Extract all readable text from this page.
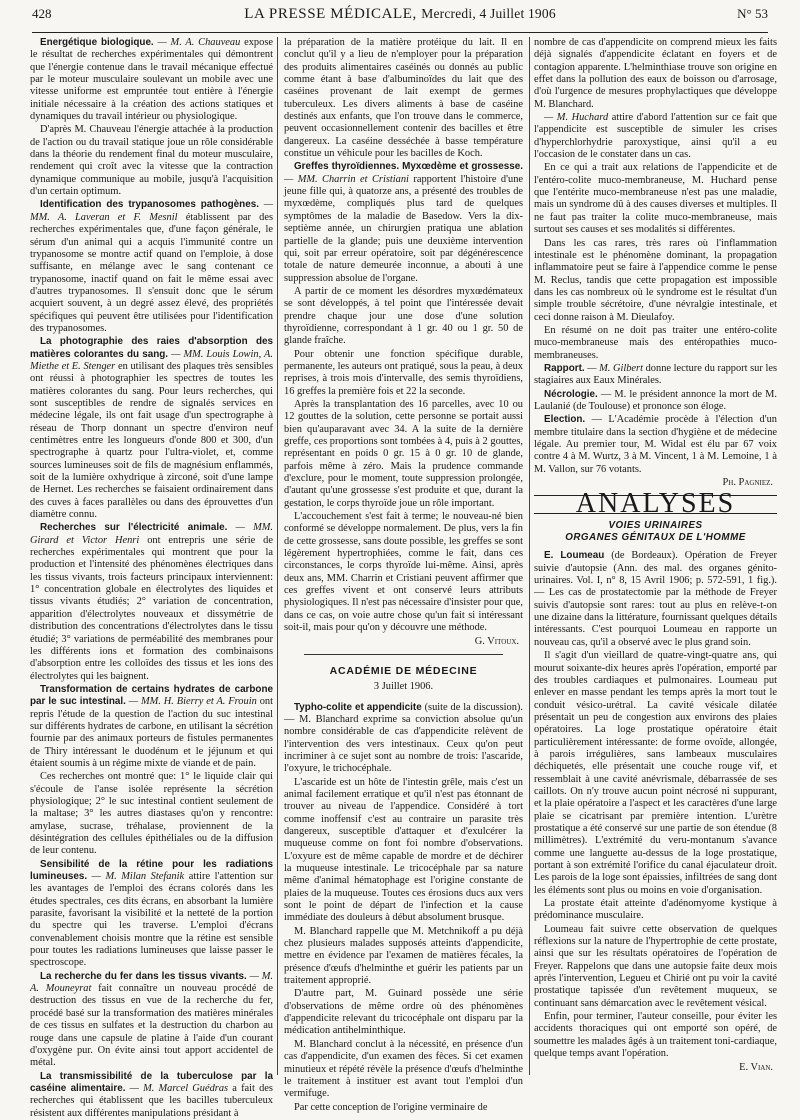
428	LA PRESSE MÉDICALE, Mercredi, 4 Juillet 1906	N° 53

Energétique biologique. — M. A. Chauveau expose le résultat de recherches expérimentales qui démontrent que l'énergie contenue dans le travail mécanique effectué par le moteur musculaire soulevant un mobile avec une vitesse uniforme est empruntée tout entière à l'énergie initiale nécessaire à la création des actions statiques et dynamiques du travail intérieur ou physiologique.

D'après M. Chauveau l'énergie attachée à la production de l'action ou du travail statique joue un rôle considérable dans la théorie du rendement final du moteur musculaire, rendement qui croît avec la vitesse que la contraction dynamique communique au mobile, jusqu'à l'acquisition d'un certain optimum.

Identification des trypanosomes pathogènes. — MM. A. Laveran et F. Mesnil établissent par des recherches expérimentales que, d'une façon générale, le sérum d'un animal qui a acquis l'immunité contre un trypanosome se montre actif quand on l'emploie, à dose suffisante, en mélange avec le sang contenant ce trypanosome, inactif quand on fait le même essai avec d'autres trypanosomes. Il s'ensuit donc que le sérum acquiert souvent, à un degré assez élevé, des propriétés spécifiques qui peuvent être utilisées pour l'identification des trypanosomes.

La photographie des raies d'absorption des matières colorantes du sang. — MM. Louis Lowin, A. Miethe et E. Stenger en utilisant des plaques très sensibles ont réussi à photographier les spectres de toutes les matières colorantes du sang. Pour leurs recherches, qui sont susceptibles de rendre de signalés services en médecine légale, ils ont fait usage d'un spectrographe à réseau de Thorp donnant un spectre d'environ neuf centimètres entre les longueurs d'onde 800 et 300, d'un spectrographe à quartz pour l'ultra-violet, et, comme sources lumineuses soit de fils de magnésium enflammés, soit de la lumière oxhydrique à zirconé, soit d'une lampe de Hernet. Les recherches se faisaient ordinairement dans des cuves à faces parallèles ou dans des éprouvettes d'un diamètre connu.

Recherches sur l'électricité animale. — MM. Girard et Victor Henri ont entrepris une série de recherches expérimentales qui montrent que pour la production et l'intensité des phénomènes électriques dans les tissus vivants, trois facteurs principaux interviennent: 1° concentration globale en électrolytes des liquides et tissus vivants étudiés; 2° variation de concentration, apparition d'électrolytes nouveaux et dissymétrie de distribution des concentrations d'électrolytes dans le tissu étudié; 3° variations de perméabilité des membranes pour les différents ions et formation des combinaisons d'absorption entre les colloïdes des tissus et les ions des électrolytes qui les baignent.

Transformation de certains hydrates de carbone par le suc intestinal. — MM. H. Bierry et A. Frouin ont repris l'étude de la question de l'action du suc intestinal sur différents hydrates de carbone, en utilisant la sécrétion fournie par des animaux porteurs de fistules permanentes de Thiry intéressant le duodénum et le jéjunum et qui étaient soumis à un régime mixte de viande et de pain.

Ces recherches ont montré que: 1° le liquide clair qui s'écoule de l'anse isolée représente la sécrétion physiologique; 2° le suc intestinal contient seulement de la maltase; 3° les autres diastases qu'on y rencontre: amylase, sucrase, tréhalase, proviennent de la désintégration des cellules épithéliales ou de la diffusion de leur contenu.

Sensibilité de la rétine pour les radiations lumineuses. — M. Milan Stefanik attire l'attention sur les avantages de l'emploi des écrans colorés dans les études spectrales, ces dits écrans, en absorbant la lumière parasite, favorisant la visibilité et la netteté de la portion du spectre qui les traverse. L'emploi d'écrans convenablement choisis montre que la rétine est sensible pour toutes les radiations lumineuses que laisse passer le spectroscope.

La recherche du fer dans les tissus vivants. — M. A. Mouneyrat fait connaître un nouveau procédé de destruction des tissus en vue de la recherche du fer, procédé basé sur la transformation des matières minérales de ces tissus en sulfates et la destruction du charbon au rouge dans une capsule de platine à l'aide d'un courant d'oxygène pur. On évite ainsi tout apport accidentel de métal.

La transmissibilité de la tuberculose par la caséine alimentaire. — M. Marcel Guédras a fait des recherches qui établissent que les bacilles tuberculeux résistent aux différentes manipulations présidant à

la préparation de la matière protéique du lait. Il en conclut qu'il y a lieu de n'employer pour la préparation des produits alimentaires caséinés ou donnés au public comme étant à base d'albuminoïdes du lait que des caséines provenant de lait exempt de germes tuberculeux. Les divers aliments à base de caséine destinés aux enfants, que l'on trouve dans le commerce, peuvent occasionnellement contenir des bacilles et être dangereux. La caséine desséchée à basse température constitue un véhicule pour les bacilles de Koch.

Greffes thyroïdiennes. Myxœdème et grossesse. — MM. Charrin et Cristiani rapportent l'histoire d'une jeune fille qui, à quatorze ans, a présenté des troubles de myxœdème, compliqués plus tard de quelques symptômes de la maladie de Basedow. Vers la dix-septième année, un chirurgien pratiqua une ablation partielle de la glande; puis une deuxième intervention qui, soit par erreur opératoire, soit par dégénérescence totale de nature demeurée inconnue, a abouti à une suppression absolue de l'organe.

A partir de ce moment les désordres myxœdémateux se sont développés, à tel point que l'intéressée devait prendre chaque jour une dose d'une solution thyroïdienne, correspondant à 1 gr. 40 ou 1 gr. 50 de glande fraîche.

Pour obtenir une fonction spécifique durable, permanente, les auteurs ont pratiqué, sous la peau, à deux reprises, à trois mois d'intervalle, des semis thyroïdiens, 16 greffes la première fois et 22 la seconde.

Après la transplantation des 16 parcelles, avec 10 ou 12 gouttes de la solution, cette personne se portait aussi bien qu'auparavant avec 34. A la suite de la dernière greffe, ces proportions sont tombées à 4, puis à 2 gouttes, représentant en poids 0 gr. 15 à 0 gr. 10 de glande, parfois même à zéro. Mais la prudence commande d'exclure, pour le moment, toute suppression prolongée, d'autant qu'une grossesse s'est produite et que, durant la gestation, le corps thyroïde joue un rôle important.

L'accouchement s'est fait à terme; le nouveau-né bien conformé se développe normalement. De plus, vers la fin de cette grossesse, sans doute possible, les greffes se sont légèrement hypertrophiées, comme le fait, dans ces circonstances, le corps thyroïde lui-même. Ainsi, après deux ans, MM. Charrin et Cristiani peuvent affirmer que ces greffes vivent et ont conservé leurs attributs physiologiques. Il n'est pas nécessaire d'insister pour que, dans ce cas, on voie autre chose qu'un fait si intéressant soit-il, mais pour qu'on y découvre une méthode.

G. Vitoux.
ACADÉMIE DE MÉDECINE
3 Juillet 1906.

Typho-colite et appendicite (suite de la discussion). — M. Blanchard exprime sa conviction absolue qu'un nombre considérable de cas d'appendicite relèvent de l'intervention des vers intestinaux. Ceux qu'on peut incriminer à ce sujet sont au nombre de trois: l'ascaride, l'oxyure, le trichocéphale.

L'ascaride est un hôte de l'intestin grêle, mais c'est un animal facilement erratique et qu'il n'est pas étonnant de trouver au niveau de l'appendice. Considéré à tort comme inoffensif c'est au contraire un parasite très dangereux, susceptible d'attaquer et d'exulcérer la muqueuse comme on font foi nombre d'observations. L'oxyure est de même capable de mordre et de déchirer la muqueuse intestinale. Le tricocéphale par sa nature même d'animal hématophage est l'origine constante de plaies de la muqueuse. Toutes ces érosions ducs aux vers sont le point de départ de l'infection et la cause immédiate des douleurs à début absolument brusque.

M. Blanchard rappelle que M. Metchnikoff a pu déjà chez plusieurs malades supposés atteints d'appendicite, mettre en évidence par l'examen de matières fécales, la présence d'œufs d'helminthe et guérir les patients par un traitement approprié.

D'autre part, M. Guinard possède une série d'observations de même ordre où des phénomènes d'appendicite relevant du tricocéphale ont disparu par la médication antihelminthique.

M. Blanchard conclut à la nécessité, en présence d'un cas d'appendicite, d'un examen des fèces. Si cet examen minutieux et répété révèle la présence d'œufs d'helminthe le traitement à instituer est avant tout l'emploi d'un vermifuge.

Par cette conception de l'origine verminaire de

nombre de cas d'appendicite on comprend mieux les faits déjà signalés d'appendicite éclatant en foyers et de contagion apparente. L'helminthiase trouve son origine en effet dans la pollution des eaux de boisson ou d'arrosage, d'où l'urgence de mesures prophylactiques que développe M. Blanchard.

— M. Huchard attire d'abord l'attention sur ce fait que l'appendicite est susceptible de simuler les crises d'hyperchlorhydrie paroxystique, ainsi qu'il a eu l'occasion de le constater dans un cas.

En ce qui a trait aux relations de l'appendicite et de l'entéro-colite muco-membraneuse, M. Huchard pense que l'entérite muco-membraneuse n'est pas une maladie, mais un syndrome dû à des causes diverses et multiples. Il ne faut pas traiter la colite muco-membraneuse, mais surtout ses causes et ses modalités si différentes.

Dans les cas rares, très rares où l'inflammation intestinale est le phénomène dominant, la propagation inflammatoire peut se faire à l'appendice comme le pense M. Reclus, tandis que cette propagation est impossible dans les cas nombreux où le syndrome est le résultat d'un simple trouble sécrétoire, d'une névralgie intestinale, et ceci donne raison à M. Dieulafoy.

En résumé on ne doit pas traiter une entéro-colite muco-membraneuse mais des entéropathies muco-membraneuses.

Rapport. — M. Gilbert donne lecture du rapport sur les stagiaires aux Eaux Minérales.

Nécrologie. — M. le président annonce la mort de M. Laulanié (de Toulouse) et prononce son éloge.

Election. — L'Académie procède à l'élection d'un membre titulaire dans la section d'hygiène et de médecine légale. Au premier tour, M. Widal est élu par 67 voix contre 4 à M. Wurtz, 3 à M. Vincent, 1 à M. Lemoine, 1 à M. Vallon, sur 76 votants.

Ph. Pagniez.
ANALYSES
VOIES URINAIRES
ORGANES GÉNITAUX DE L'HOMME

E. Loumeau (de Bordeaux). Opération de Freyer suivie d'autopsie (Ann. des mal. des organes génito-urinaires. Vol. I, n° 8, 15 Avril 1906; p. 572-591, 1 fig.). — Les cas de prostatectomie par la méthode de Freyer suivis d'autopsie sont rares: tout au plus en relève-t-on une dizaine dans la littérature, fournissant quelques détails intéressants. C'est pourquoi Loumeau en rapporte un nouveau cas, qu'il a observé avec le plus grand soin.

Il s'agit d'un vieillard de quatre-vingt-quatre ans, qui mourut soixante-dix heures après l'opération, emporté par des troubles cardiaques et pulmonaires. Loumeau put enlever en masse pendant les temps après la mort tout le conduit vésico-urétral. La cavité vésicale dilatée présentait un peu de congestion aux environs des plaies opératoires. La loge prostatique opératoire était particulièrement intéressante: de forme ovoïde, allongée, à parois irrégulières, sans lambeaux musculaires déchiquetés, elle présentait une couche rouge vif, et ressemblait à une cavité anévrismale, débarrassée de ses caillots. On n'y trouve aucun point nécrosé ni suppurant, et la plaie opératoire a l'aspect et les caractères d'une large plaie se cicatrisant par première intention. L'urètre prostatique a été conservé sur une partie de son étendue (8 millimètres). L'extrémité du veru-montanum s'avance comme une languette au-dessus de la loge prostatique, portant à son extrémité l'orifice du canal éjaculateur droit. Les parois de la loge sont épaissies, infiltrées de sang dont les éléments sont plus ou moins en voie d'organisation.

La prostate était atteinte d'adénomyome kystique à prédominance musculaire.

Loumeau fait suivre cette observation de quelques réflexions sur la nature de l'hypertrophie de cette prostate, ainsi que sur les résultats opératoires de l'opération de Freyer. Rappelons que dans une autopsie faite deux mois après l'intervention, Legueu et Chirié ont pu voir la cavité prostatique tapissée d'un revêtement muqueux, se continuant sans démarcation avec le revêtement vésical.

Enfin, pour terminer, l'auteur conseille, pour éviter les accidents thoraciques qui ont emporté son opéré, de soumettre les malades âgés à un traitement toni-cardiaque, quelque temps avant l'opération.

E. Vian.
